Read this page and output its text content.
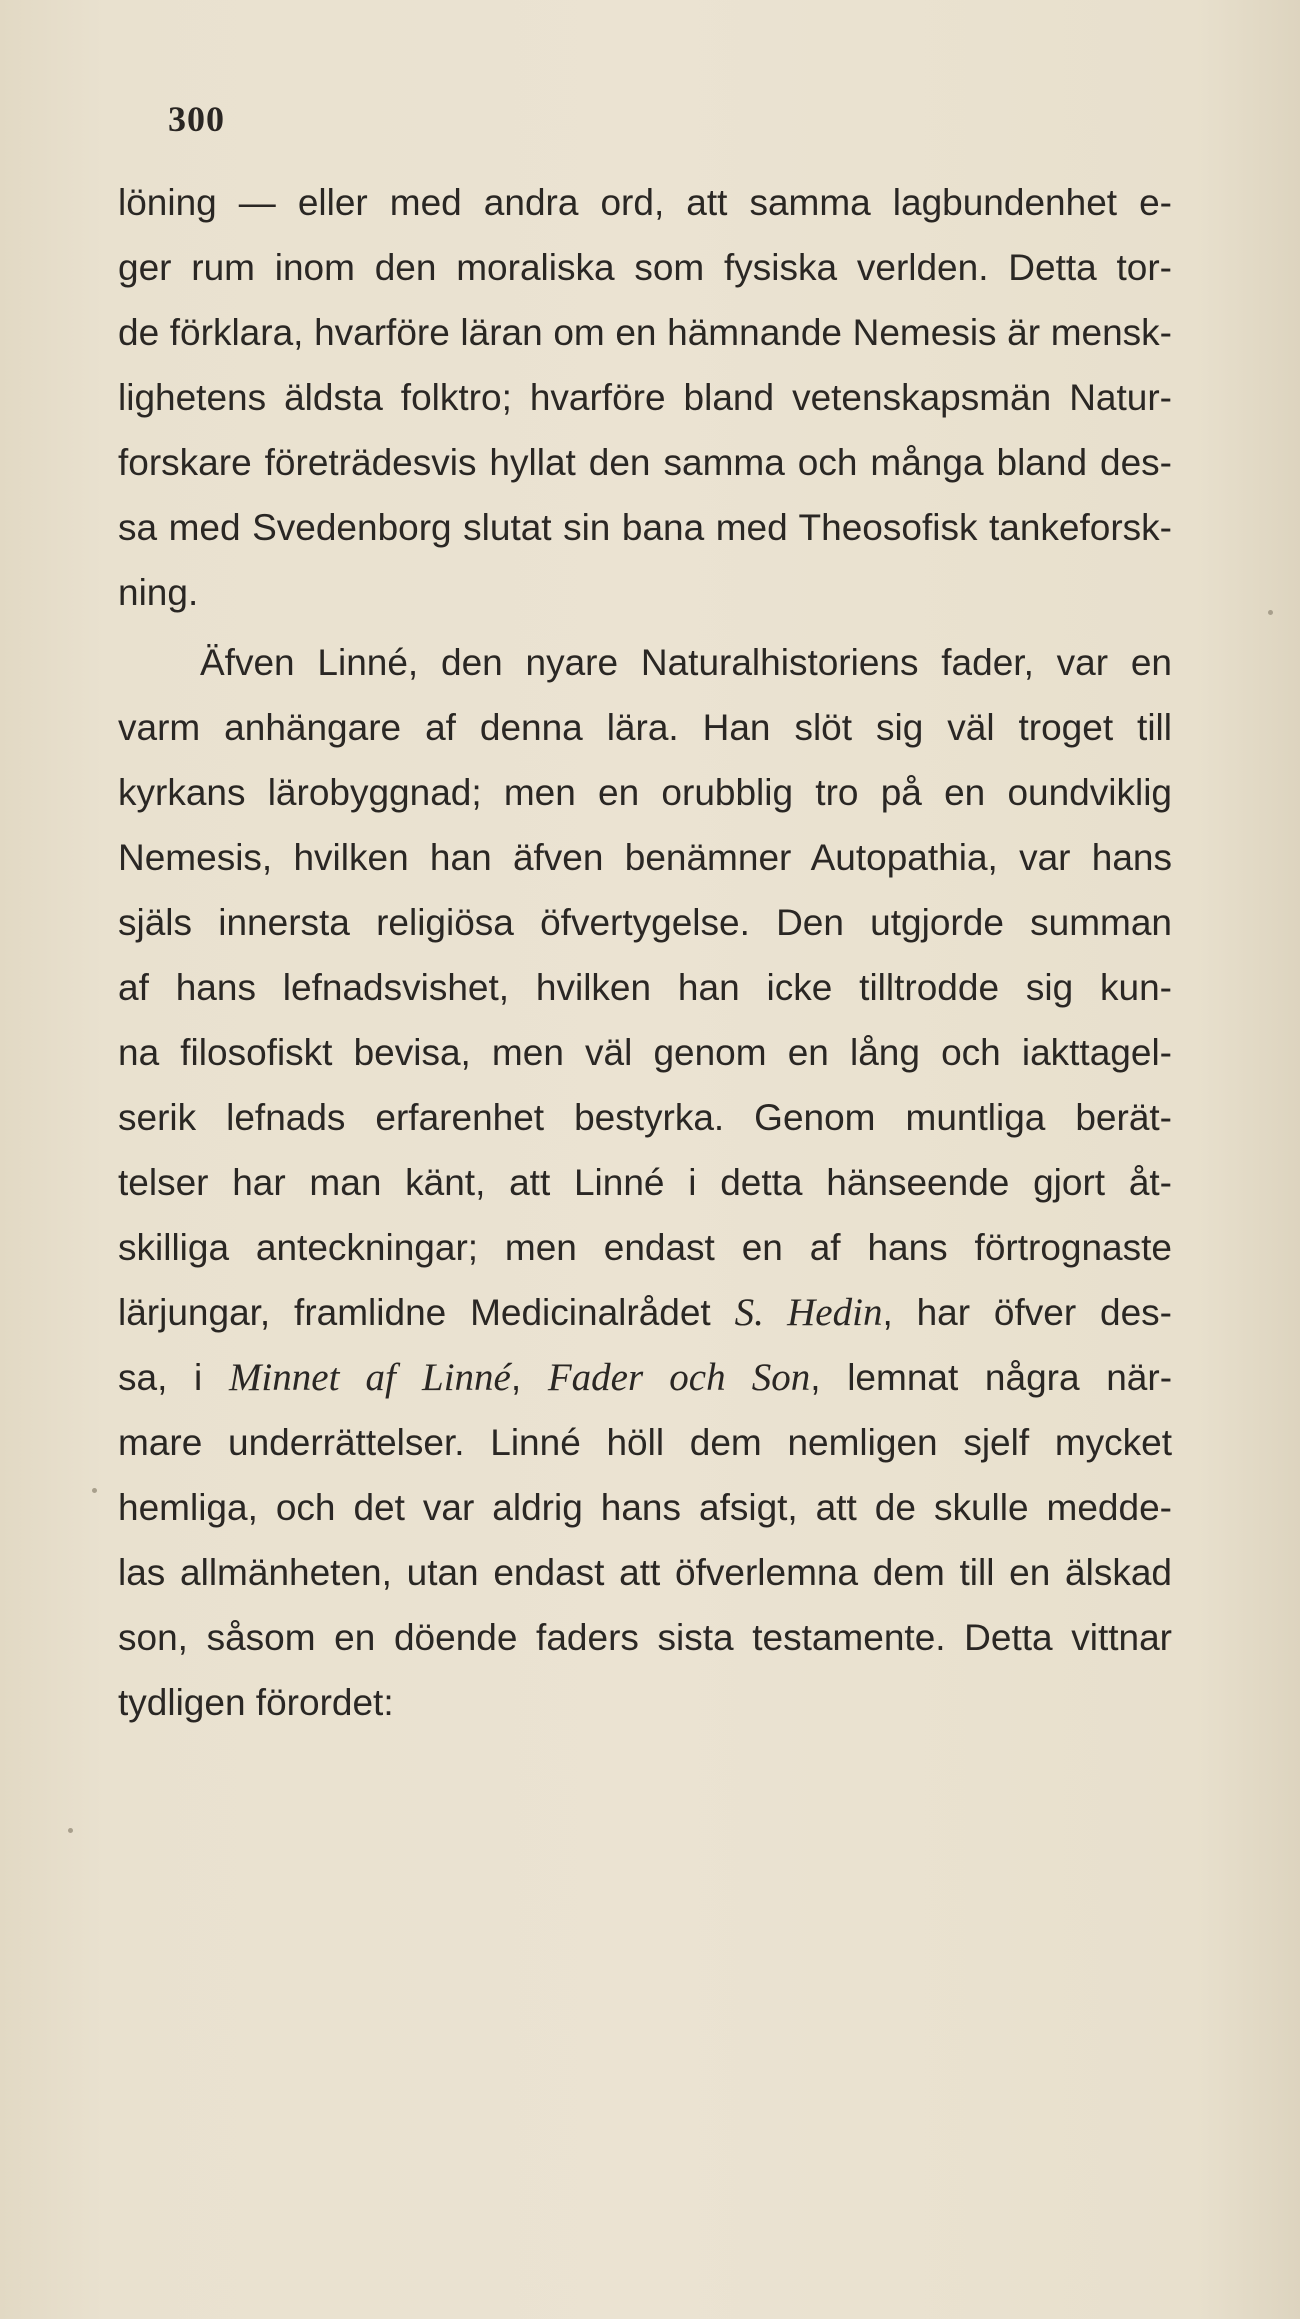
300
löning — eller med andra ord, att samma lagbundenhet e-
ger rum inom den moraliska som fysiska verlden. Detta tor-
de förklara, hvarföre läran om en hämnande Nemesis är mensk-
lighetens äldsta folktro; hvarföre bland vetenskapsmän Natur-
forskare företrädesvis hyllat den samma och många bland des-
sa med Svedenborg slutat sin bana med Theosofisk tankeforsk-
ning.
Äfven Linné, den nyare Naturalhistoriens fader, var en
varm anhängare af denna lära. Han slöt sig väl troget till
kyrkans lärobyggnad; men en orubblig tro på en oundviklig
Nemesis, hvilken han äfven benämner Autopathia, var hans
själs innersta religiösa öfvertygelse. Den utgjorde summan
af hans lefnadsvishet, hvilken han icke tilltrodde sig kun-
na filosofiskt bevisa, men väl genom en lång och iakttagel-
serik lefnads erfarenhet bestyrka. Genom muntliga berät-
telser har man känt, att Linné i detta hänseende gjort åt-
skilliga anteckningar; men endast en af hans förtrognaste
lärjungar, framlidne Medicinalrådet S. Hedin, har öfver des-
sa, i Minnet af Linné, Fader och Son, lemnat några när-
mare underrättelser. Linné höll dem nemligen sjelf mycket
hemliga, och det var aldrig hans afsigt, att de skulle medde-
las allmänheten, utan endast att öfverlemna dem till en älskad
son, såsom en döende faders sista testamente. Detta vittnar
tydligen förordet:
